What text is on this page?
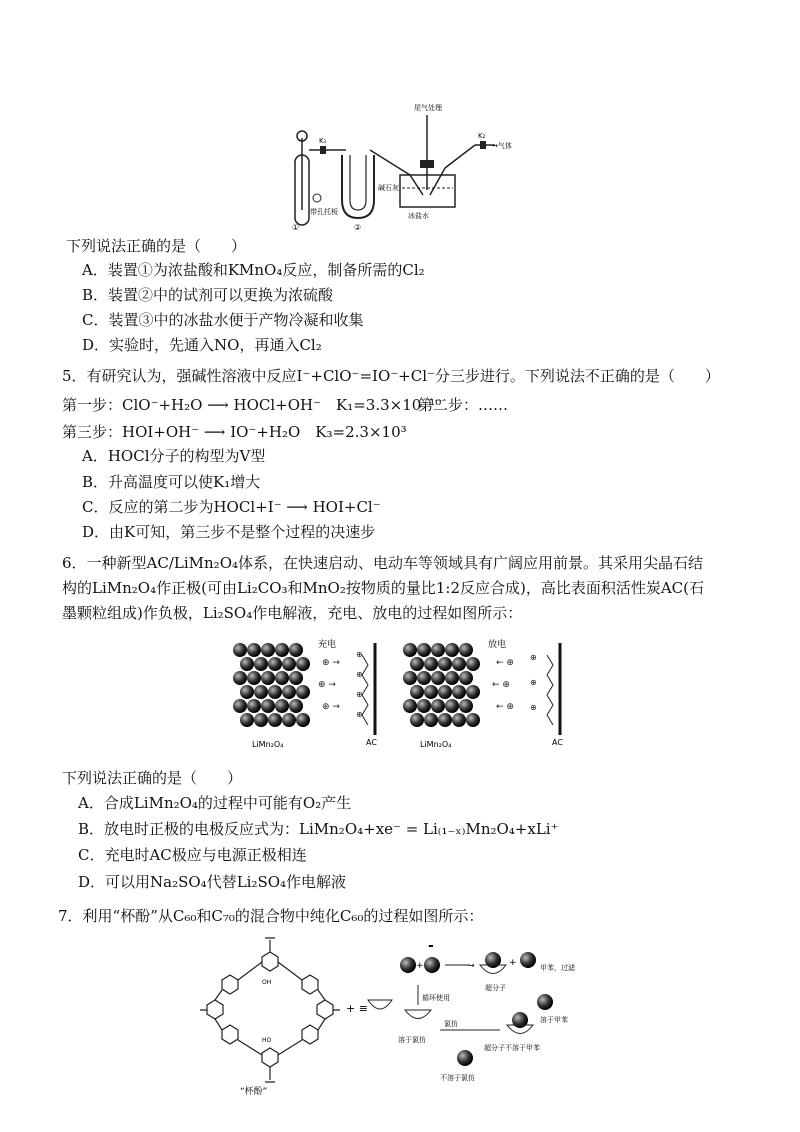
①	②
K₁
K₂
→气体
尾气处理
带孔托板
碱石灰
冰盐水
下列说法正确的是（　　）
A．装置①为浓盐酸和KMnO₄反应，制备所需的Cl₂
B．装置②中的试剂可以更换为浓硫酸
C．装置③中的冰盐水便于产物冷凝和收集
D．实验时，先通入NO，再通入Cl₂
5．有研究认为，强碱性溶液中反应I⁻+ClO⁻=IO⁻+Cl⁻分三步进行。下列说法不正确的是（　　）
第一步：ClO⁻+H₂O ⟶ HOCl+OH⁻　K₁=3.3×10⁻¹⁰
第二步：……
第三步：HOI+OH⁻ ⟶ IO⁻+H₂O　K₃=2.3×10³
A．HOCl分子的构型为V型
B．升高温度可以使K₁增大
C．反应的第二步为HOCl+I⁻ ⟶ HOI+Cl⁻
D．由K可知，第三步不是整个过程的决速步
6．一种新型AC/LiMn₂O₄体系，在快速启动、电动车等领域具有广阔应用前景。其采用尖晶石结
构的LiMn₂O₄作正极(可由Li₂CO₃和MnO₂按物质的量比1:2反应合成)，高比表面积活性炭AC(石
墨颗粒组成)作负极，Li₂SO₄作电解液，充电、放电的过程如图所示：
⊕
⊕
⊕
⊕
⊕
⊕
⊕
⊕ →
⊕ →
⊕ →
← ⊕
← ⊕
← ⊕
充电	放电
LiMn₂O₄	LiMn₂O₄
AC	AC
下列说法正确的是（　　）
A．合成LiMn₂O₄的过程中可能有O₂产生
B．放电时正极的电极反应式为：LiMn₂O₄+xe⁻ = Li₍₁₋ₓ₎Mn₂O₄+xLi⁺
C．充电时AC极应与电源正极相连
D．可以用Na₂SO₄代替Li₂SO₄作电解液
7．利用“杯酚”从C₆₀和C₇₀的混合物中纯化C₆₀的过程如图所示：
OH
HO
“杯酚”
+ ≡
+	→	+
超分子
甲苯，过滤
溶于甲苯
超分子不溶于甲苯
氯仿
循环使用
溶于氯仿
不溶于氯仿
-
